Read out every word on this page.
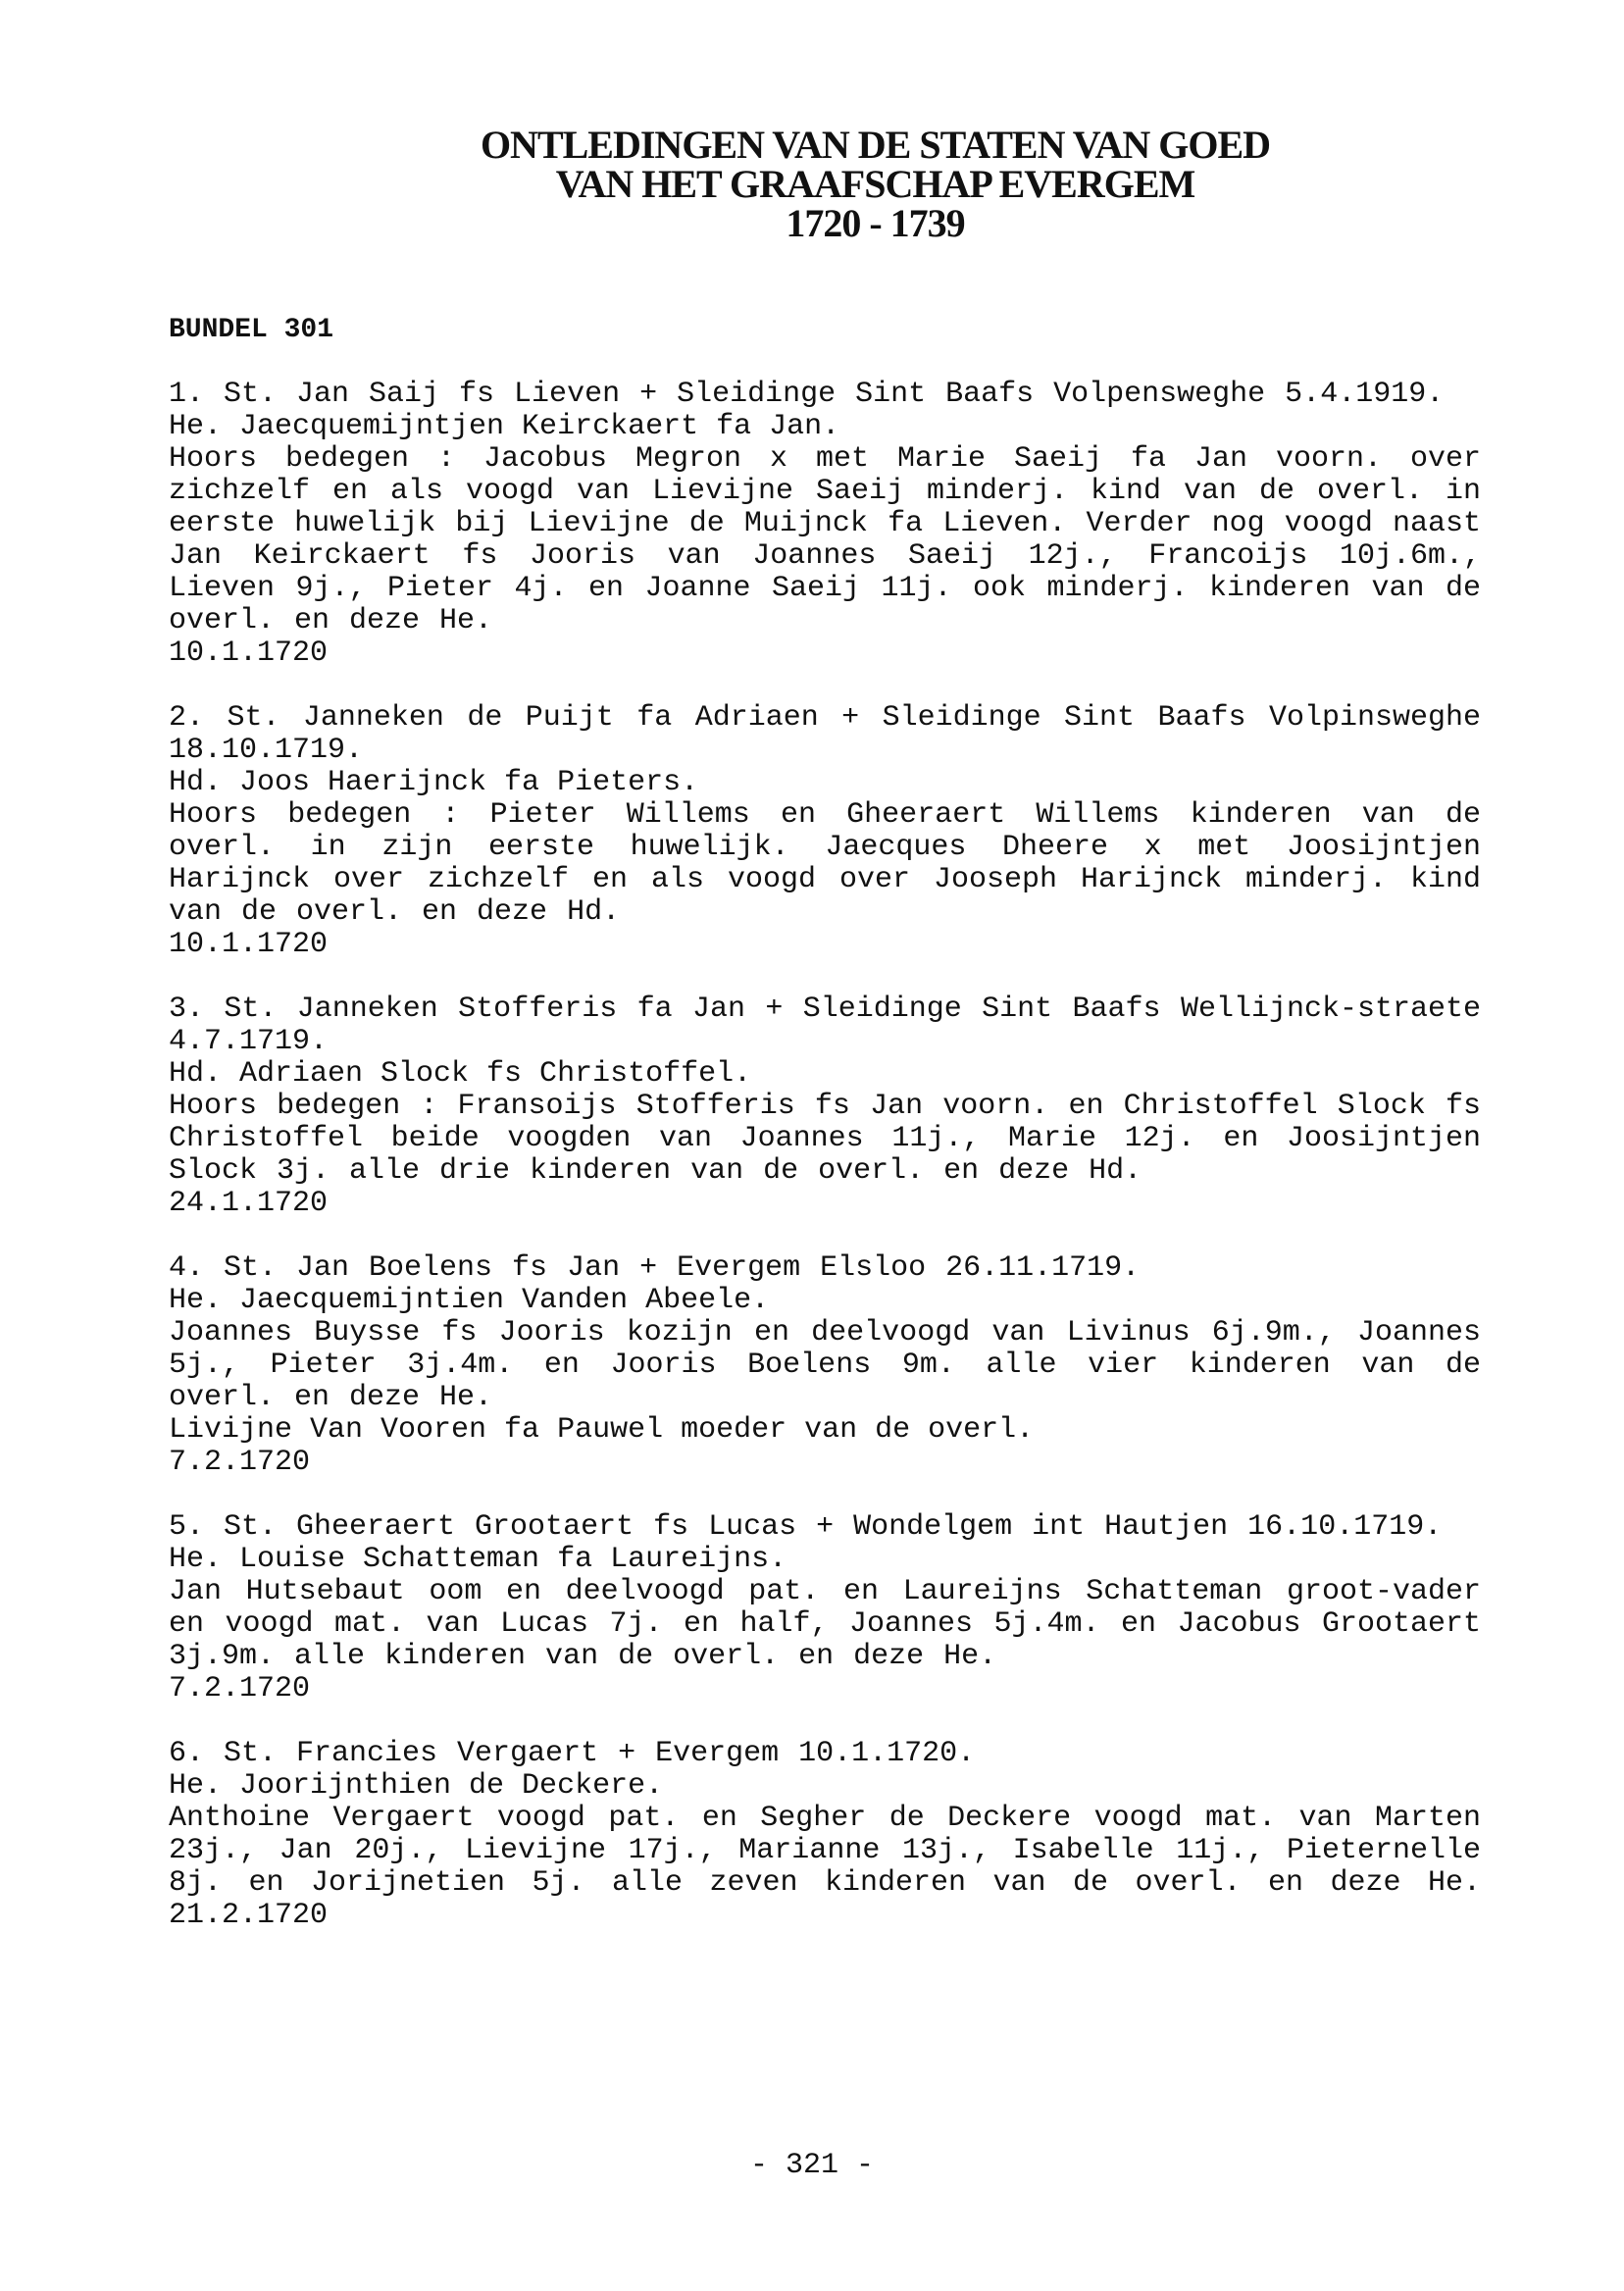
ONTLEDINGEN VAN DE STATEN VAN GOED
VAN HET GRAAFSCHAP EVERGEM
1720 - 1739
BUNDEL 301
1. St. Jan Saij fs Lieven + Sleidinge Sint Baafs Volpensweghe 5.4.1919.
He. Jaecquemijntjen Keirckaert fa Jan.
Hoors bedegen : Jacobus Megron x met Marie Saeij fa Jan voorn. over zichzelf en als voogd van Lievijne Saeij minderj. kind van de overl. in eerste huwelijk bij Lievijne de Muijnck fa Lieven. Verder nog voogd naast Jan Keirckaert fs Jooris van Joannes Saeij 12j., Francoijs 10j.6m., Lieven 9j., Pieter 4j. en Joanne Saeij 11j. ook minderj. kinderen van de overl. en deze He.
10.1.1720
2. St. Janneken de Puijt fa Adriaen + Sleidinge Sint Baafs Volpinsweghe 18.10.1719.
Hd. Joos Haerijnck fa Pieters.
Hoors bedegen : Pieter Willems en Gheeraert Willems kinderen van de overl. in zijn eerste huwelijk. Jaecques Dheere x met Joosijntjen Harijnck over zichzelf en als voogd over Jooseph Harijnck minderj. kind van de overl. en deze Hd.
10.1.1720
3. St. Janneken Stofferis fa Jan + Sleidinge Sint Baafs Wellijnck-straete 4.7.1719.
Hd. Adriaen Slock fs Christoffel.
Hoors bedegen : Fransoijs Stofferis fs Jan voorn. en Christoffel Slock fs Christoffel beide voogden van Joannes 11j., Marie 12j. en Joosijntjen Slock 3j. alle drie kinderen van de overl. en deze Hd.
24.1.1720
4. St. Jan Boelens fs Jan + Evergem Elsloo 26.11.1719.
He. Jaecquemijntien Vanden Abeele.
Joannes Buysse fs Jooris kozijn en deelvoogd van Livinus 6j.9m., Joannes 5j., Pieter 3j.4m. en Jooris Boelens 9m. alle vier kinderen van de overl. en deze He.
Livijne Van Vooren fa Pauwel moeder van de overl.
7.2.1720
5. St. Gheeraert Grootaert fs Lucas + Wondelgem int Hautjen 16.10.1719.
He. Louise Schatteman fa Laureijns.
Jan Hutsebaut oom en deelvoogd pat. en Laureijns Schatteman groot-vader en voogd mat. van Lucas 7j. en half, Joannes 5j.4m. en Jacobus Grootaert 3j.9m. alle kinderen van de overl. en deze He.
7.2.1720
6. St. Francies Vergaert + Evergem 10.1.1720.
He. Joorijnthien de Deckere.
Anthoine Vergaert voogd pat. en Segher de Deckere voogd mat. van Marten 23j., Jan 20j., Lievijne 17j., Marianne 13j., Isabelle 11j., Pieternelle 8j. en Jorijnetien 5j. alle zeven kinderen van de overl. en deze He. 21.2.1720
- 321 -
